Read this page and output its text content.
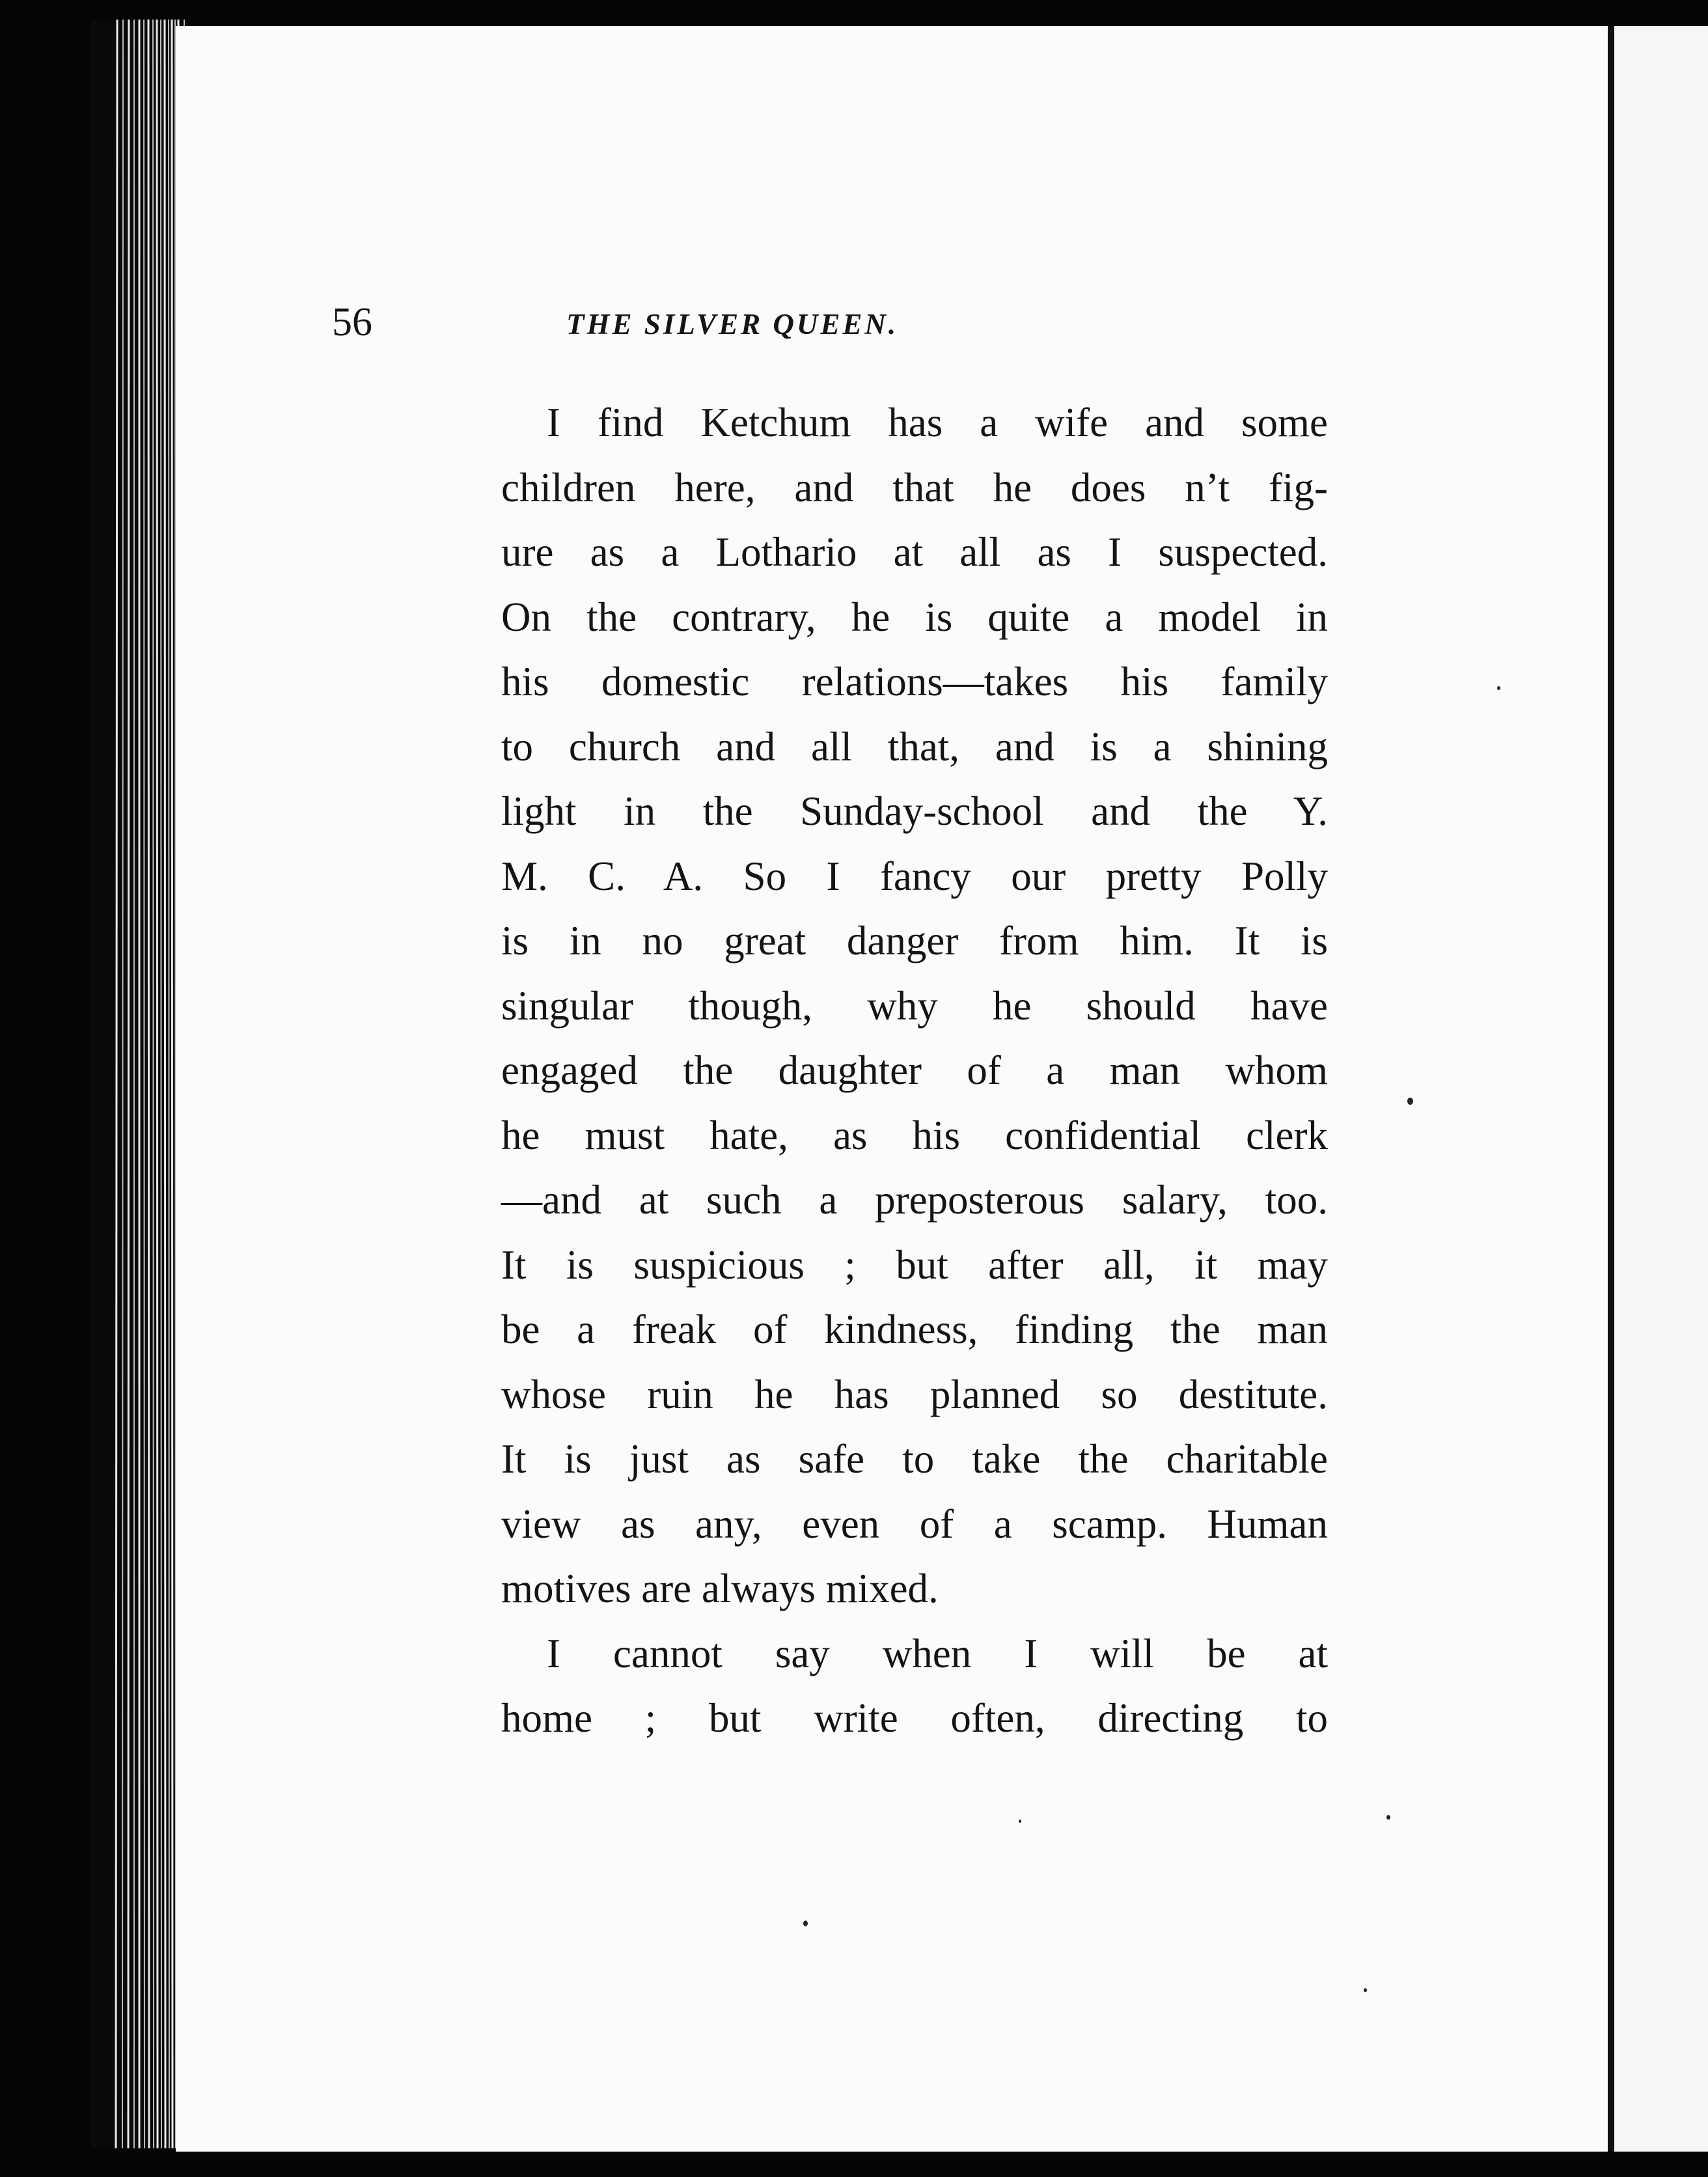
56	THE SILVER QUEEN.
I find Ketchum has a wife and some
children here, and that he does n’t fig-
ure as a Lothario at all as I suspected.
On the contrary, he is quite a model in
his domestic relations—takes his family
to church and all that, and is a shining
light in the Sunday-school and the Y.
M. C. A. So I fancy our pretty Polly
is in no great danger from him. It is
singular though, why he should have
engaged the daughter of a man whom
he must hate, as his confidential clerk
—and at such a preposterous salary, too.
It is suspicious ; but after all, it may
be a freak of kindness, finding the man
whose ruin he has planned so destitute.
It is just as safe to take the charitable
view as any, even of a scamp. Human
motives are always mixed.
I cannot say when I will be at
home ; but write often, directing to
